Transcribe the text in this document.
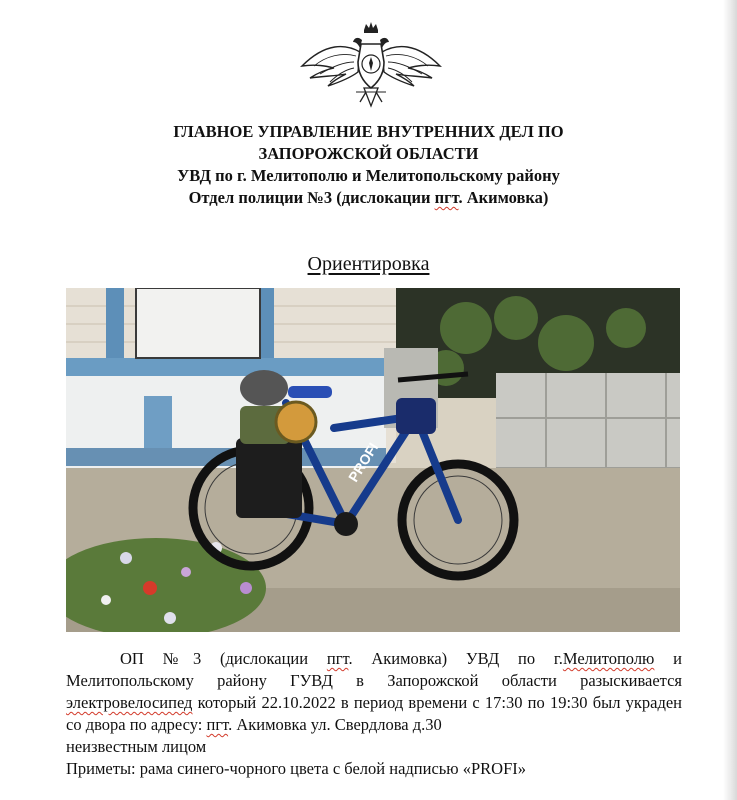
ГЛАВНОЕ УПРАВЛЕНИЕ ВНУТРЕННИХ ДЕЛ ПО
ЗАПОРОЖСКОЙ ОБЛАСТИ
УВД по г. Мелитополю и Мелитопольскому району
Отдел полиции №3 (дислокации пгт. Акимовка)
Ориентировка
PROFI
ОП №3 (дислокации пгт. Акимовка) УВД по г.Мелитополю и Мелитопольскому району ГУВД в Запорожской области разыскивается электровелосипед который 22.10.2022 в период времени с 17:30 по 19:30 был украден со двора по адресу: пгт. Акимовка ул. Свердлова д.30
неизвестным лицом
Приметы: рама синего-чорного цвета с белой надписью «PROFI»
